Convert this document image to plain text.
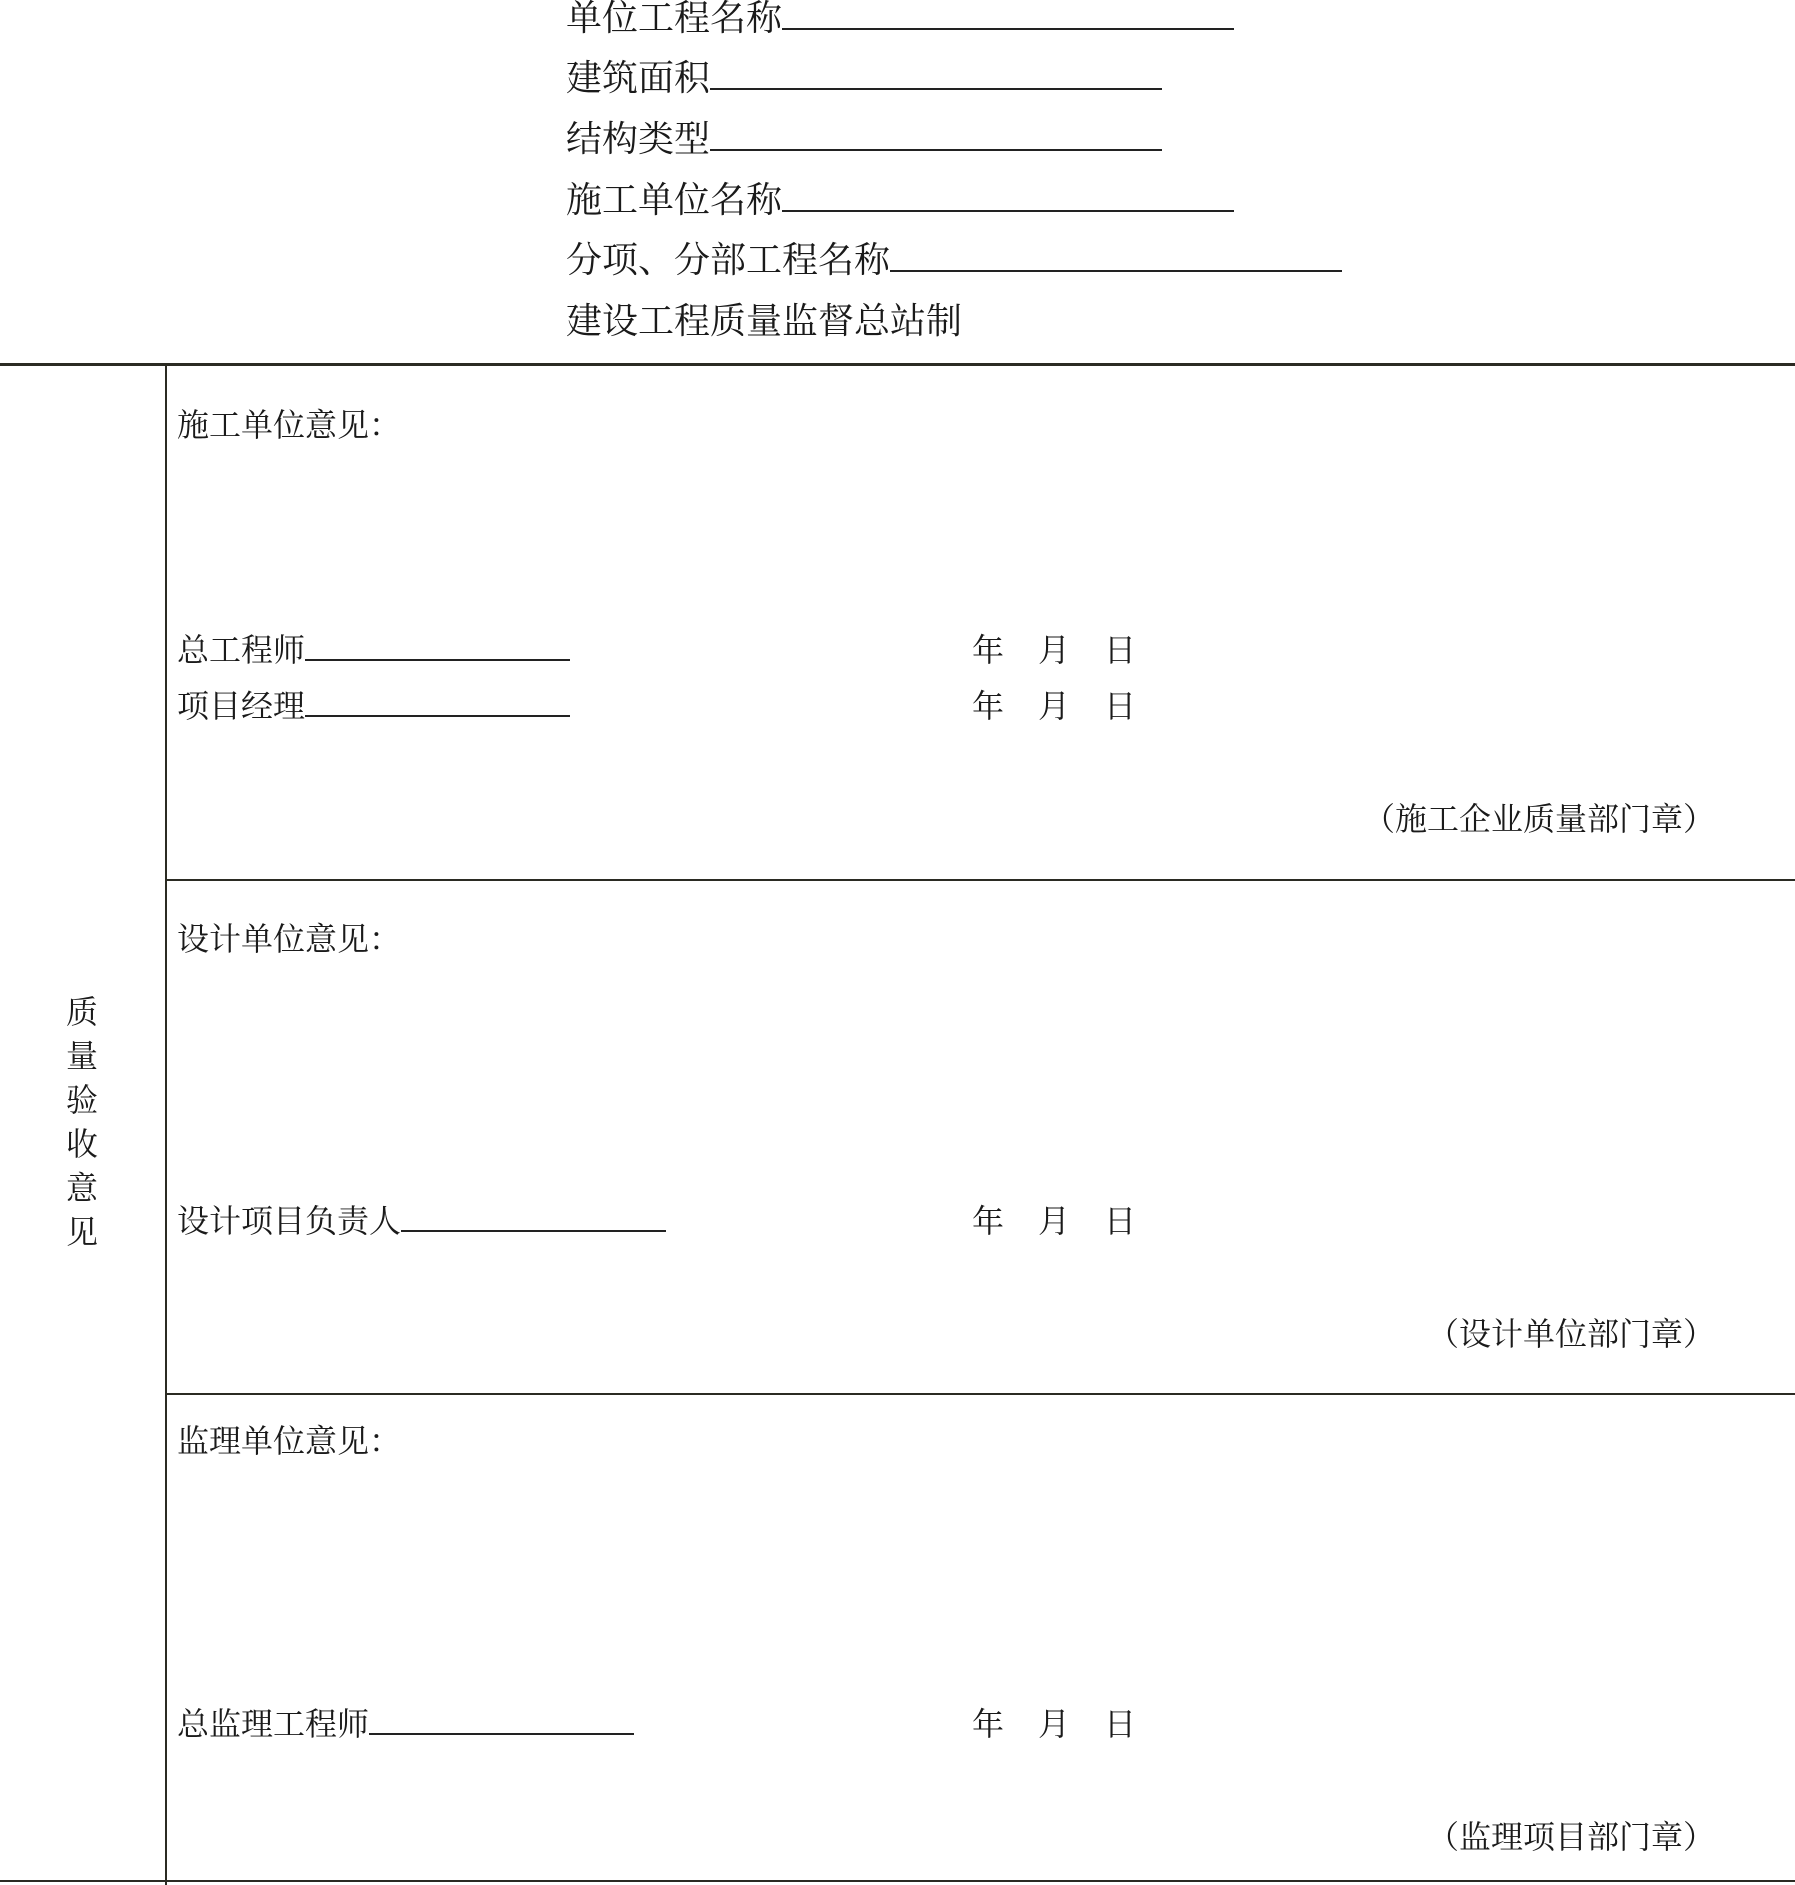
单位工程名称
建筑面积
结构类型
施工单位名称
分项、分部工程名称
建设工程质量监督总站制
质
量
验
收
意
见
施工单位意见：
总工程师	年 月 日
项目经理	年 月 日
（施工企业质量部门章）
设计单位意见：
设计项目负责人	年 月 日
（设计单位部门章）
监理单位意见：
总监理工程师	年 月 日
（监理项目部门章）
